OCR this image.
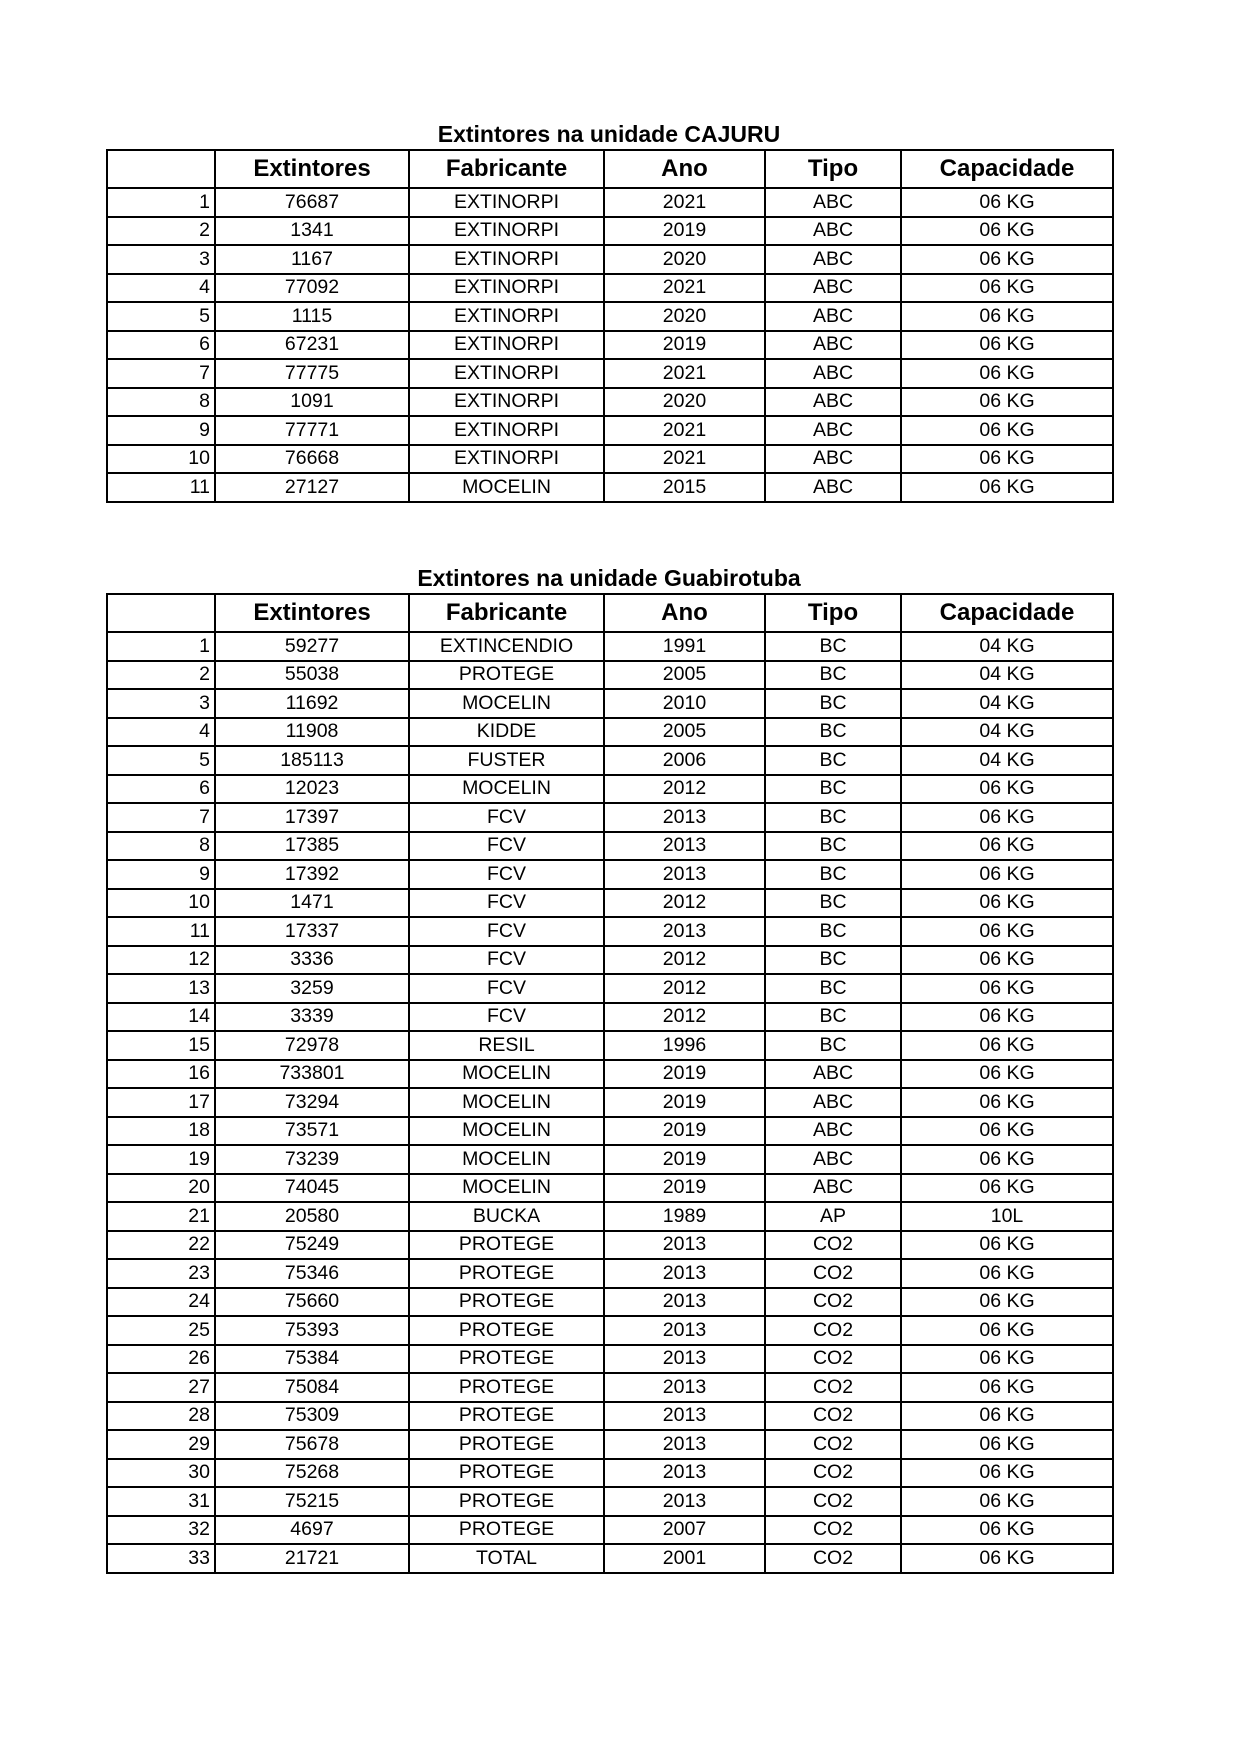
Extintores na unidade CAJURU
	Extintores	Fabricante	Ano	Tipo	Capacidade
1	76687	EXTINORPI	2021	ABC	06 KG
2	1341	EXTINORPI	2019	ABC	06 KG
3	1167	EXTINORPI	2020	ABC	06 KG
4	77092	EXTINORPI	2021	ABC	06 KG
5	1115	EXTINORPI	2020	ABC	06 KG
6	67231	EXTINORPI	2019	ABC	06 KG
7	77775	EXTINORPI	2021	ABC	06 KG
8	1091	EXTINORPI	2020	ABC	06 KG
9	77771	EXTINORPI	2021	ABC	06 KG
10	76668	EXTINORPI	2021	ABC	06 KG
11	27127	MOCELIN	2015	ABC	06 KG
Extintores na unidade Guabirotuba
	Extintores	Fabricante	Ano	Tipo	Capacidade
1	59277	EXTINCENDIO	1991	BC	04 KG
2	55038	PROTEGE	2005	BC	04 KG
3	11692	MOCELIN	2010	BC	04 KG
4	11908	KIDDE	2005	BC	04 KG
5	185113	FUSTER	2006	BC	04 KG
6	12023	MOCELIN	2012	BC	06 KG
7	17397	FCV	2013	BC	06 KG
8	17385	FCV	2013	BC	06 KG
9	17392	FCV	2013	BC	06 KG
10	1471	FCV	2012	BC	06 KG
11	17337	FCV	2013	BC	06 KG
12	3336	FCV	2012	BC	06 KG
13	3259	FCV	2012	BC	06 KG
14	3339	FCV	2012	BC	06 KG
15	72978	RESIL	1996	BC	06 KG
16	733801	MOCELIN	2019	ABC	06 KG
17	73294	MOCELIN	2019	ABC	06 KG
18	73571	MOCELIN	2019	ABC	06 KG
19	73239	MOCELIN	2019	ABC	06 KG
20	74045	MOCELIN	2019	ABC	06 KG
21	20580	BUCKA	1989	AP	10L
22	75249	PROTEGE	2013	CO2	06 KG
23	75346	PROTEGE	2013	CO2	06 KG
24	75660	PROTEGE	2013	CO2	06 KG
25	75393	PROTEGE	2013	CO2	06 KG
26	75384	PROTEGE	2013	CO2	06 KG
27	75084	PROTEGE	2013	CO2	06 KG
28	75309	PROTEGE	2013	CO2	06 KG
29	75678	PROTEGE	2013	CO2	06 KG
30	75268	PROTEGE	2013	CO2	06 KG
31	75215	PROTEGE	2013	CO2	06 KG
32	4697	PROTEGE	2007	CO2	06 KG
33	21721	TOTAL	2001	CO2	06 KG
